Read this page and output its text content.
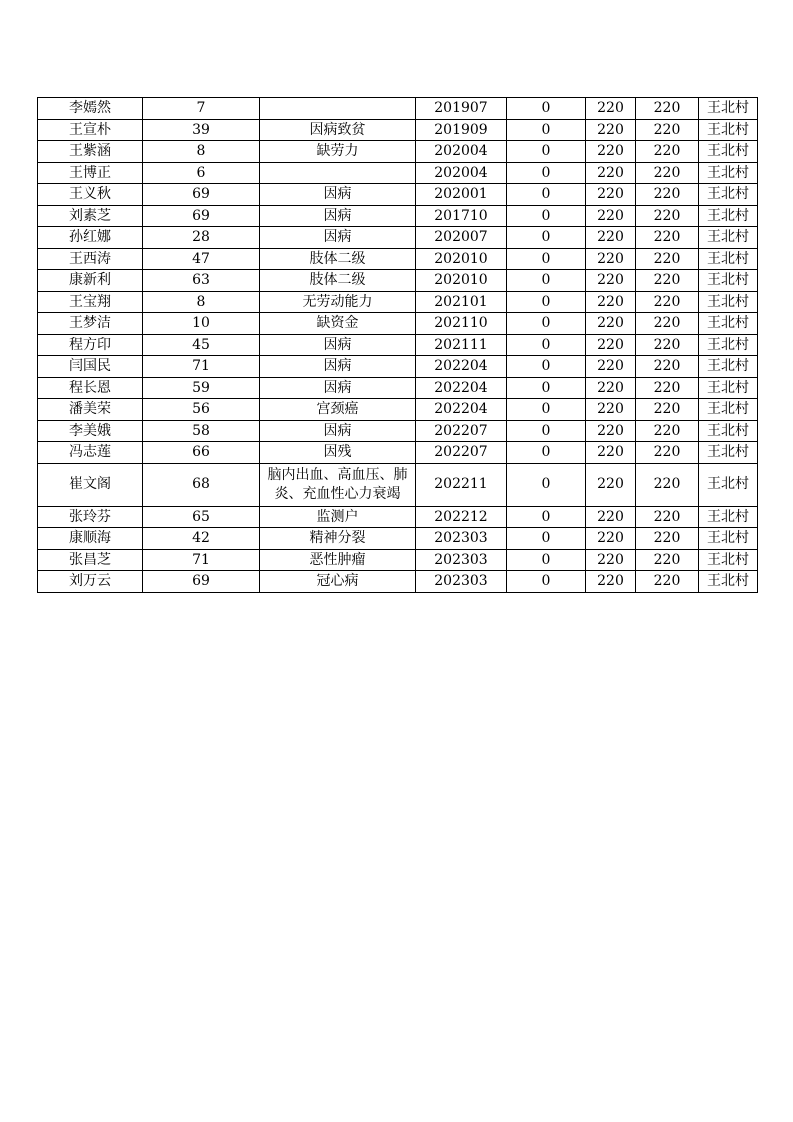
李嫣然	7		201907	0	220	220	王北村
王宣朴	39	因病致贫	201909	0	220	220	王北村
王紫涵	8	缺劳力	202004	0	220	220	王北村
王博正	6		202004	0	220	220	王北村
王义秋	69	因病	202001	0	220	220	王北村
刘素芝	69	因病	201710	0	220	220	王北村
孙红娜	28	因病	202007	0	220	220	王北村
王西涛	47	肢体二级	202010	0	220	220	王北村
康新利	63	肢体二级	202010	0	220	220	王北村
王宝翔	8	无劳动能力	202101	0	220	220	王北村
王梦洁	10	缺资金	202110	0	220	220	王北村
程方印	45	因病	202111	0	220	220	王北村
闫国民	71	因病	202204	0	220	220	王北村
程长恩	59	因病	202204	0	220	220	王北村
潘美荣	56	宫颈癌	202204	0	220	220	王北村
李美娥	58	因病	202207	0	220	220	王北村
冯志莲	66	因残	202207	0	220	220	王北村
崔文阁	68	脑内出血、高血压、肺炎、充血性心力衰竭	202211	0	220	220	王北村
张玲芬	65	监测户	202212	0	220	220	王北村
康顺海	42	精神分裂	202303	0	220	220	王北村
张昌芝	71	恶性肿瘤	202303	0	220	220	王北村
刘万云	69	冠心病	202303	0	220	220	王北村
